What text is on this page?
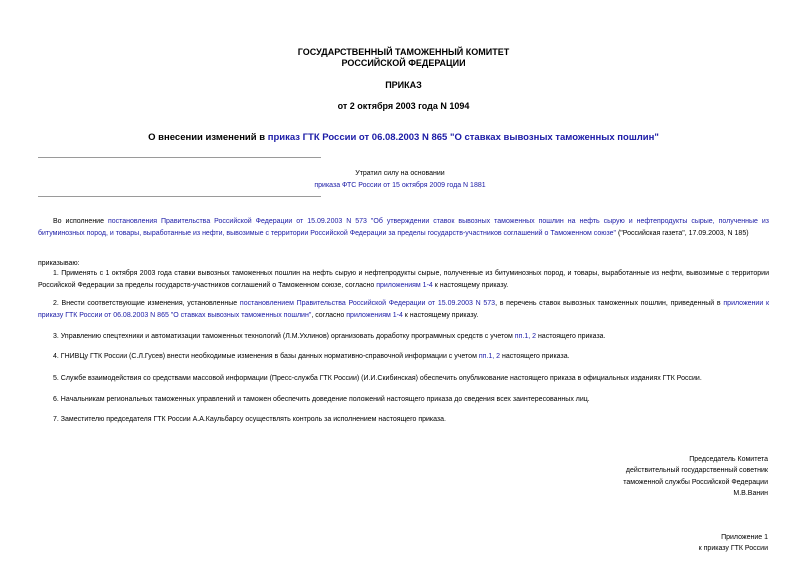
ГОСУДАРСТВЕННЫЙ ТАМОЖЕННЫЙ КОМИТЕТ
РОССИЙСКОЙ ФЕДЕРАЦИИ
ПРИКАЗ
от 2 октября 2003 года N 1094
О внесении изменений в приказ ГТК России от 06.08.2003 N 865 "О ставках вывозных таможенных пошлин"
Утратил силу на основании
приказа ФТС России от 15 октября 2009 года N 1881
Во исполнение постановления Правительства Российской Федерации от 15.09.2003 N 573 "Об утверждении ставок вывозных таможенных пошлин на нефть сырую и нефтепродукты сырые, полученные из битуминозных пород, и товары, выработанные из нефти, вывозимые с территории Российской Федерации за пределы государств-участников соглашений о Таможенном союзе" ("Российская газета", 17.09.2003, N 185)
приказываю:
1. Применять с 1 октября 2003 года ставки вывозных таможенных пошлин на нефть сырую и нефтепродукты сырые, полученные из битуминозных пород, и товары, выработанные из нефти, вывозимые с территории Российской Федерации за пределы государств-участников соглашений о Таможенном союзе, согласно приложениям 1-4 к настоящему приказу.
2. Внести соответствующие изменения, установленные постановлением Правительства Российской Федерации от 15.09.2003 N 573, в перечень ставок вывозных таможенных пошлин, приведенный в приложении к приказу ГТК России от 06.08.2003 N 865 "О ставках вывозных таможенных пошлин", согласно приложениям 1-4 к настоящему приказу.
3. Управлению спецтехники и автоматизации таможенных технологий (Л.М.Ухлинов) организовать доработку программных средств с учетом пп.1, 2 настоящего приказа.
4. ГНИВЦу ГТК России (С.Л.Гусев) внести необходимые изменения в базы данных нормативно-справочной информации с учетом пп.1, 2 настоящего приказа.
5. Службе взаимодействия со средствами массовой информации (Пресс-служба ГТК России) (И.И.Скибинская) обеспечить опубликование настоящего приказа в официальных изданиях ГТК России.
6. Начальникам региональных таможенных управлений и таможен обеспечить доведение положений настоящего приказа до сведения всех заинтересованных лиц.
7. Заместителю председателя ГТК России А.А.Каульбарсу осуществлять контроль за исполнением настоящего приказа.
Председатель Комитета
действительный государственный советник
таможенной службы Российской Федерации
М.В.Ванин
Приложение 1
к приказу ГТК России
